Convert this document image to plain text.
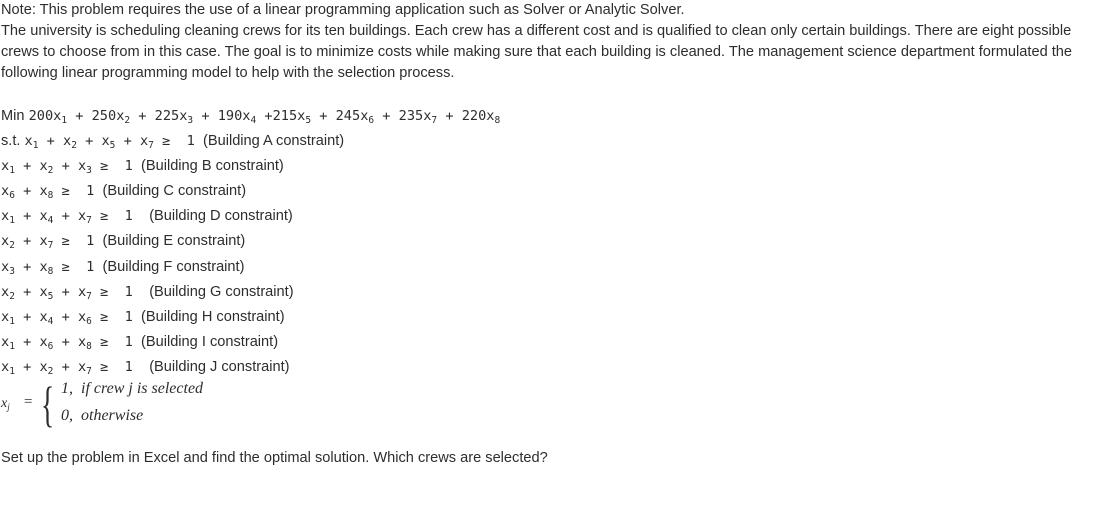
Note: This problem requires the use of a linear programming application such as Solver or Analytic Solver.

The university is scheduling cleaning crews for its ten buildings. Each crew has a different cost and is qualified to clean only certain buildings. There are eight possible crews to choose from in this case. The goal is to minimize costs while making sure that each building is cleaned. The management science department formulated the following linear programming model to help with the selection process.

Min $200x_1 + 250x_2 + 225x_3 + 190x_4 +215x_5 + 245x_6 + 235x_7 + 220x_8$
s.t. $x_1 + x_2 + x_5 + x_7 \ge 1$ (Building A constraint)
$x_1 + x_2 + x_3 \ge 1$ (Building B constraint)
$x_6 + x_8 \ge 1$ (Building C constraint)
$x_1 + x_4 + x_7 \ge 1$  (Building D constraint)
$x_2 + x_7 \ge 1$ (Building E constraint)
$x_3 + x_8 \ge 1$ (Building F constraint)
$x_2 + x_5 + x_7 \ge 1$  (Building G constraint)
$x_1 + x_4 + x_6 \ge 1$ (Building H constraint)
$x_1 + x_6 + x_8 \ge 1$ (Building I constraint)
$x_1 + x_2 + x_7 \ge 1$  (Building J constraint)
$x_j$ = { 1,  if crew j is selected
0,  otherwise

Set up the problem in Excel and find the optimal solution. Which crews are selected?
